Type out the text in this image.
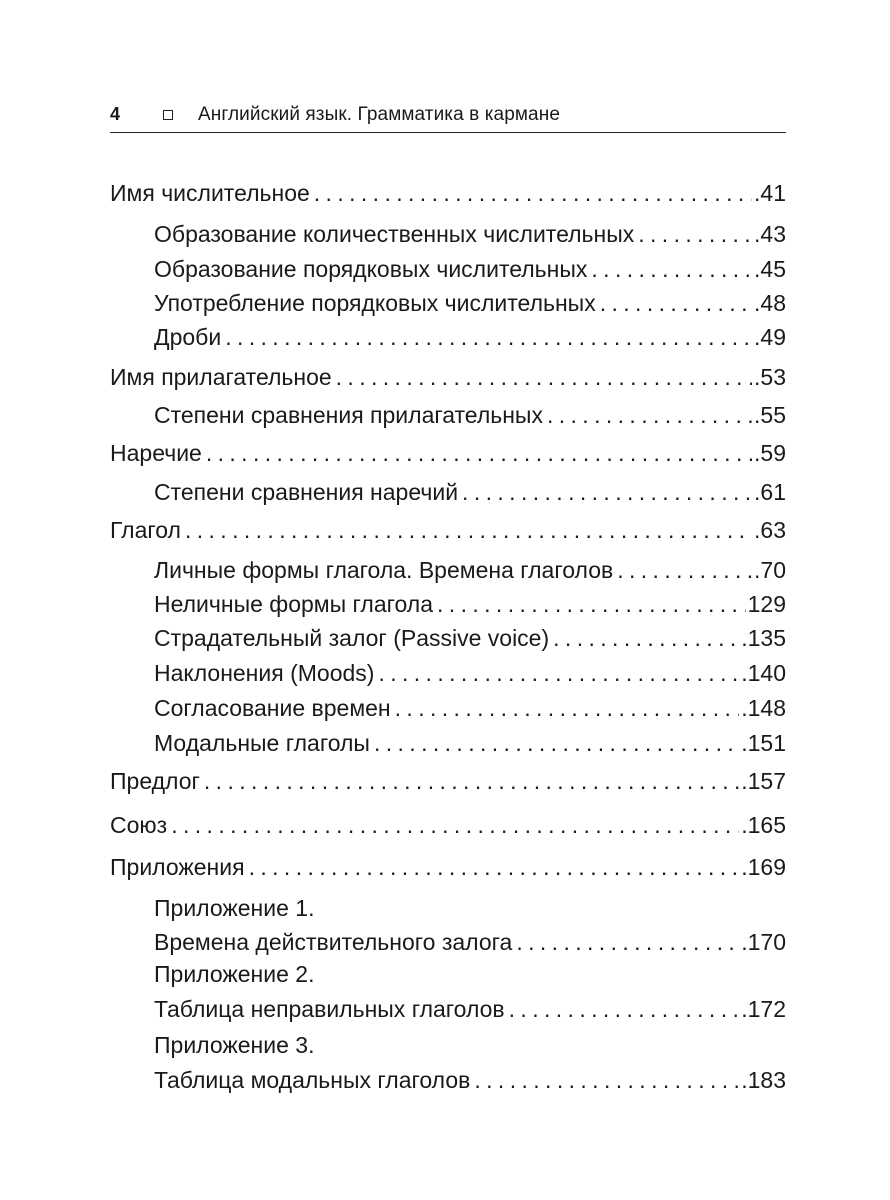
4	Английский язык. Грамматика в кармане
Имя числительное . . .	.41
Образование количественных числительных . . .	.43
Образование порядковых числительных . . .	.45
Употребление порядковых числительных . . .	.48
Дроби . . .	.49
Имя прилагательное . . .	.53
Степени сравнения прилагательных . . .	.55
Наречие . . .	.59
Степени сравнения наречий . . .	.61
Глагол . . .	.63
Личные формы глагола. Времена глаголов . . .	.70
Неличные формы глагола . . .	129
Страдательный залог (Passive voice) . . .	.135
Наклонения (Moods) . . .	.140
Согласование времен . . .	.148
Модальные глаголы . . .	.151
Предлог . . .	.157
Союз . . .	.165
Приложения . . .	.169
Приложение 1.
Времена действительного залога . . .	.170
Приложение 2.
Таблица неправильных глаголов . . .	.172
Приложение 3.
Таблица модальных глаголов . . .	.183
